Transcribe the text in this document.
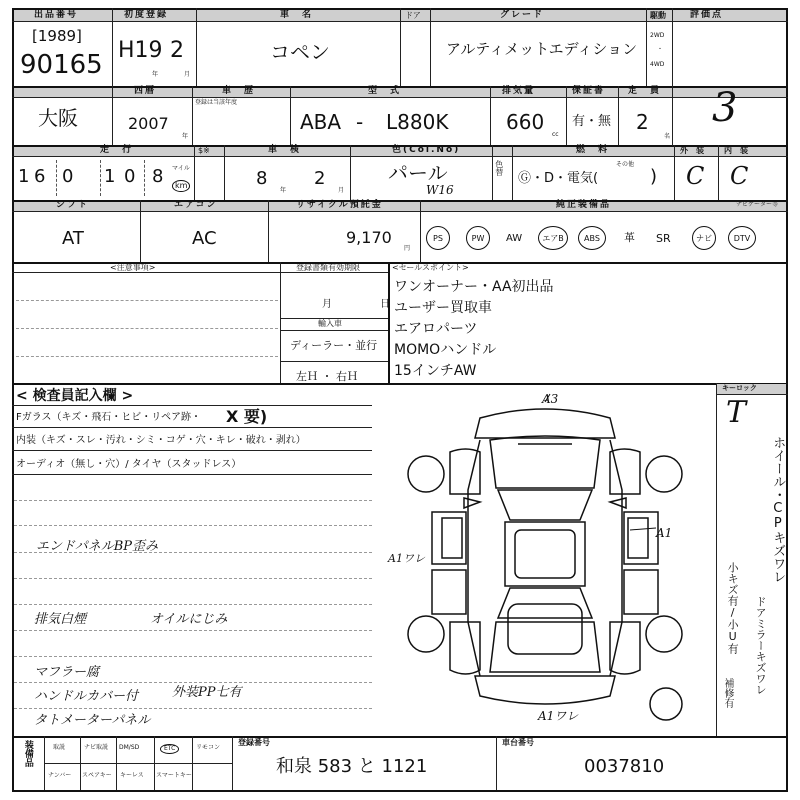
出品番号
[1989]
90165
初度登録
H19 2
年	月
車　名
コペン
ドア	グレード
アルティメットエディション
駆動
2WD
・
4WD
評価点
大阪
西暦
2007
年
車　歴
登録は当該年度
型　式
ABA - L880K
排気量
660
cc
保証書
有・無
定　員
2
名
3
走　行
1 6 0 1 0 8 マイル
km
$※	車　検
8
年
2
月
色(Col.No)
パール
W16
色替
燃　料
Ⓖ・D・電気(
その他
)
外　装
C
内　装
C
シフト
AT
エアコン
AC
リサイクル預託金
9,170
円
純正装備品	ナビゲーター等
PS	PW	AW	エアB	ABS	革 SR	ナビ	DTV
<注意事項>	登録書類有効期限
月	日
輸入車
ディーラー・並行
左Ｈ ・ 右Ｈ
<セールスポイント>
ワンオーナー・AA初出品
ユーザー買取車
エアロパーツ
MOMOハンドル
15インチAW
< 検査員記入欄 >
Fガラス（キズ・飛石・ヒビ・リペア跡・ X 要)
内装（キズ・スレ・汚れ・シミ・コゲ・穴・キレ・破れ・剥れ）
オーディオ（無し・穴）/ タイヤ（スタッドレス）
エンドパネルBP歪み
排気白煙	オイルにじみ
マフラー腐
ハンドルカバー付	外装PP七有
タトメーターパネル
A3
A1
A1ワレ
A1ワレ
キーロック
T
ホイール・CPキズワレ
小キズ有/小U有 ドアミラーキズワレ
補修有
装備品	取説	ナビ取説 DM/SD	ETC	リモコン
ナンバー スペアキー キーレス スマートキー
登録番号
和泉 583 と 1121
車台番号
0037810
